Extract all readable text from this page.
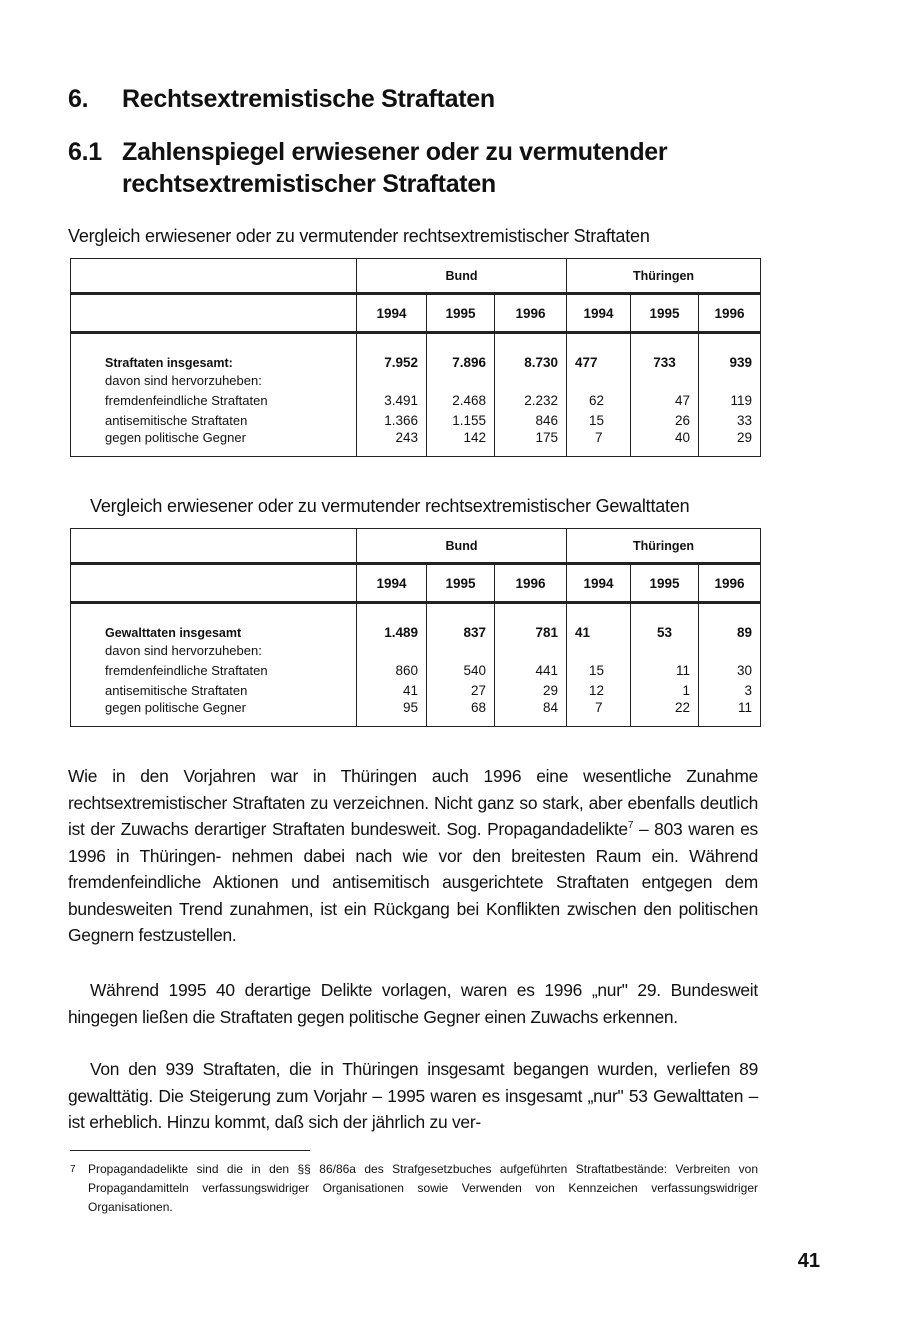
6. Rechtsextremistische Straftaten
6.1 Zahlenspiegel erwiesener oder zu vermutender
rechtsextremistischer Straftaten
Vergleich erwiesener oder zu vermutender rechtsextremistischer Straftaten
	Bund			Thüringen		
	1994	1995	1996	1994	1995	1996
Straftaten insgesamt:	7.952	7.896	8.730	477	733	939
davon sind hervorzuheben:						
fremdenfeindliche Straftaten	3.491	2.468	2.232	62	47	119
antisemitische Straftaten	1.366	1.155	846	15	26	33
gegen politische Gegner	243	142	175	7	40	29
Vergleich erwiesener oder zu vermutender rechtsextremistischer Gewalttaten
	Bund			Thüringen		
	1994	1995	1996	1994	1995	1996
Gewalttaten insgesamt	1.489	837	781	41	53	89
davon sind hervorzuheben:						
fremdenfeindliche Straftaten	860	540	441	15	11	30
antisemitische Straftaten	41	27	29	12	1	3
gegen politische Gegner	95	68	84	7	22	11

Wie in den Vorjahren war in Thüringen auch 1996 eine wesentliche Zunahme rechtsextremistischer Straftaten zu verzeichnen. Nicht ganz so stark, aber ebenfalls deutlich ist der Zuwachs derartiger Straftaten bundesweit. Sog. Propagandadelikte$^7$ – 803 waren es 1996 in Thüringen- nehmen dabei nach wie vor den breitesten Raum ein. Während fremdenfeindliche Aktionen und antisemitisch ausgerichtete Straftaten entgegen dem bundesweiten Trend zunahmen, ist ein Rückgang bei Konflikten zwischen den politischen Gegnern festzustellen.

Während 1995 40 derartige Delikte vorlagen, waren es 1996 „nur" 29. Bundesweit hingegen ließen die Straftaten gegen politische Gegner einen Zuwachs erkennen.

Von den 939 Straftaten, die in Thüringen insgesamt begangen wurden, verliefen 89 gewalttätig. Die Steigerung zum Vorjahr – 1995 waren es insgesamt „nur" 53 Gewalttaten – ist erheblich. Hinzu kommt, daß sich der jährlich zu ver-

7 Propagandadelikte sind die in den §§ 86/86a des Strafgesetzbuches aufgeführten Straftatbestände: Verbreiten von Propagandamitteln verfassungswidriger Organisationen sowie Verwenden von Kennzeichen verfassungswidriger Organisationen.
41
